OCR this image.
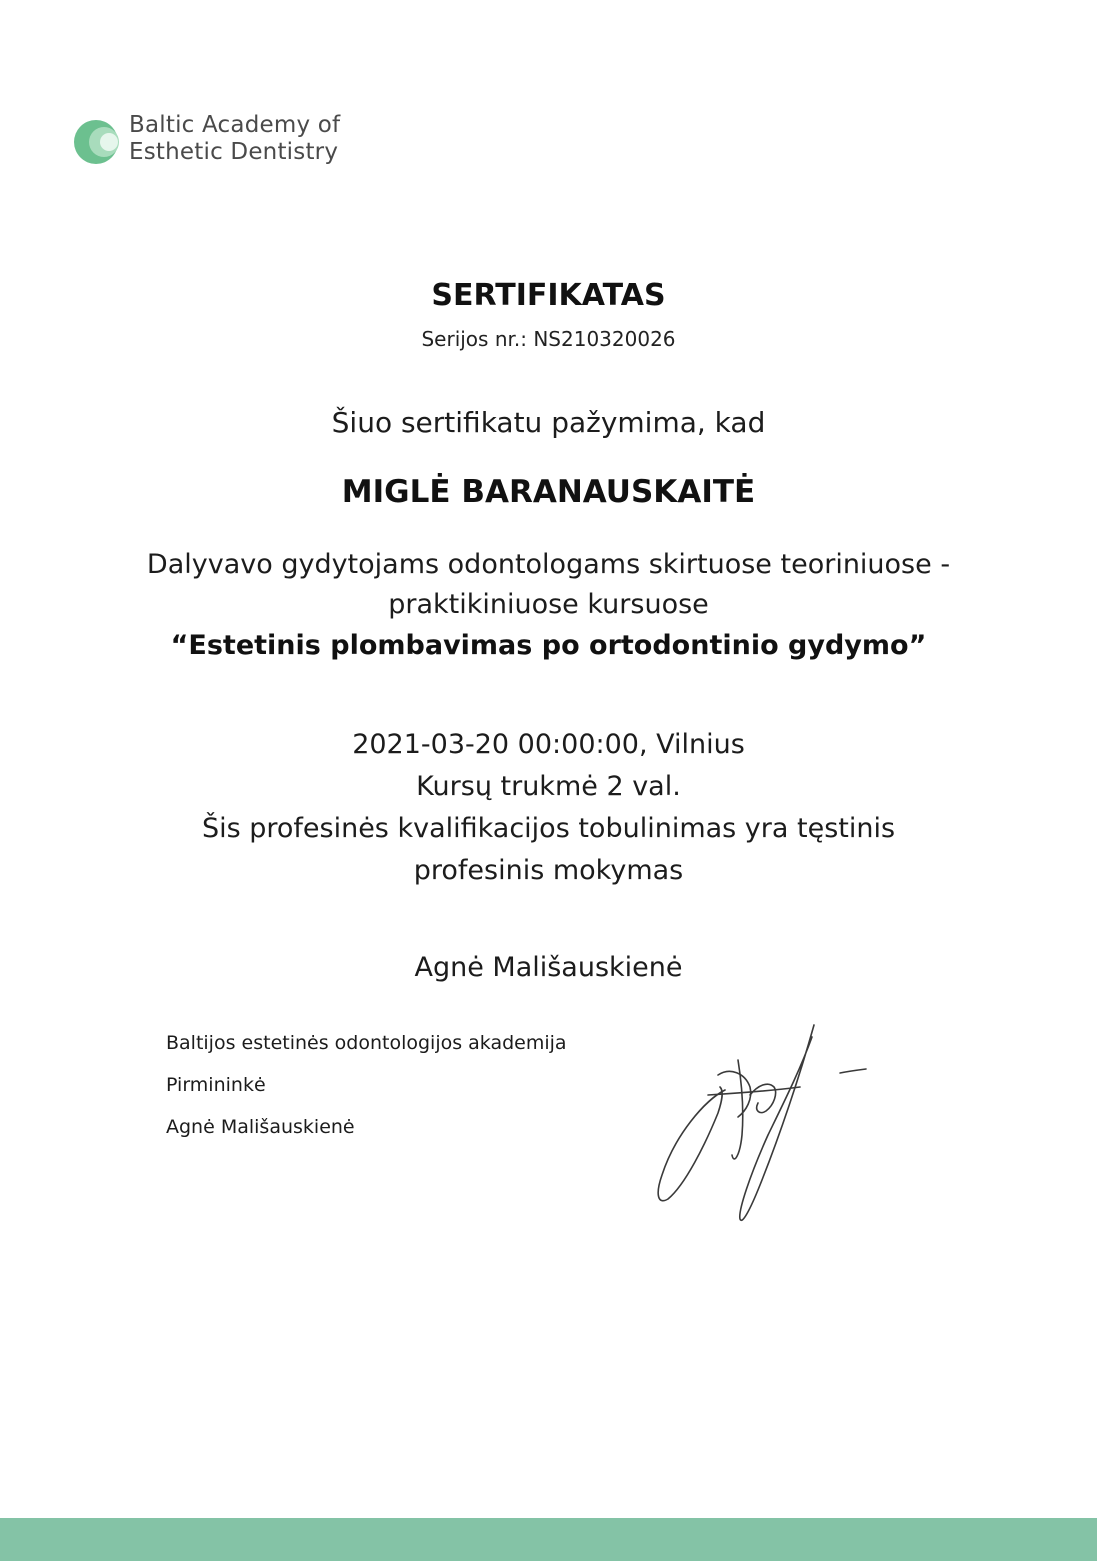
Baltic Academy of
Esthetic Dentistry
SERTIFIKATAS
Serijos nr.: NS210320026
Šiuo sertifikatu pažymima, kad
MIGLĖ BARANAUSKAITĖ
Dalyvavo gydytojams odontologams skirtuose teoriniuose -
praktikiniuose kursuose
“Estetinis plombavimas po ortodontinio gydymo”
2021-03-20 00:00:00, Vilnius
Kursų trukmė 2 val.
Šis profesinės kvalifikacijos tobulinimas yra tęstinis
profesinis mokymas
Agnė Mališauskienė
Baltijos estetinės odontologijos akademija
Pirmininkė
Agnė Mališauskienė
